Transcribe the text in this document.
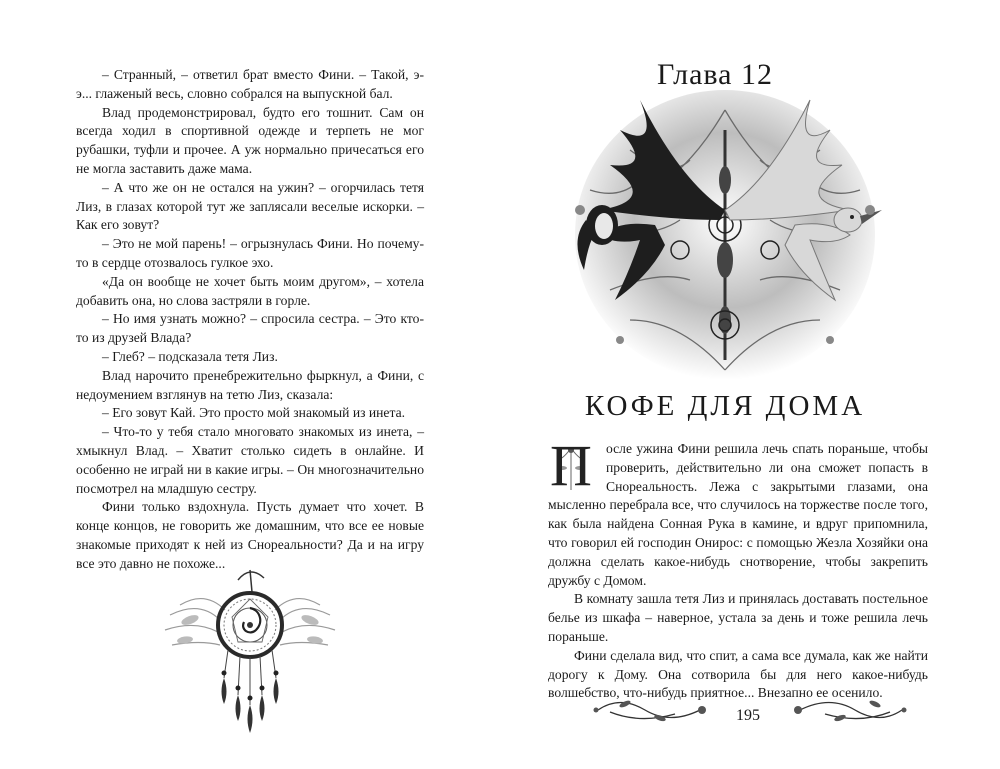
– Странный, – ответил брат вместо Фини. – Такой, э-э... глаженый весь, словно собрался на выпускной бал.

Влад продемонстрировал, будто его тошнит. Сам он всегда ходил в спортивной одежде и терпеть не мог рубашки, туфли и прочее. А уж нормально причесаться его не могла заставить даже мама.

– А что же он не остался на ужин? – огорчилась тетя Лиз, в глазах которой тут же заплясали веселые искорки. – Как его зовут?

– Это не мой парень! – огрызнулась Фини. Но почему-то в сердце отозвалось гулкое эхо.

«Да он вообще не хочет быть моим другом», – хотела добавить она, но слова застряли в горле.

– Но имя узнать можно? – спросила сестра. – Это кто-то из друзей Влада?

– Глеб? – подсказала тетя Лиз.

Влад нарочито пренебрежительно фыркнул, а Фини, с недоумением взглянув на тетю Лиз, сказала:

– Его зовут Кай. Это просто мой знакомый из инета.

– Что-то у тебя стало многовато знакомых из инета, – хмыкнул Влад. – Хватит столько сидеть в онлайне. И особенно не играй ни в какие игры. – Он многозначительно посмотрел на младшую сестру.

Фини только вздохнула. Пусть думает что хочет. В конце концов, не говорить же домашним, что все ее новые знакомые приходят к ней из Снореальности? Да и на игру все это давно не похоже...

Глава 12
КОФЕ ДЛЯ ДОМА

П	осле ужина Фини решила лечь спать пораньше, чтобы проверить, действительно ли она сможет попасть в Снореальность. Лежа с закрытыми глазами, она мысленно перебрала все, что случилось на торжестве после того, как была найдена Сонная Рука в камине, и вдруг припомнила, что говорил ей господин Онирос: с помощью Жезла Хозяйки она должна сделать какое-нибудь снотворение, чтобы закрепить дружбу с Домом.

В комнату зашла тетя Лиз и принялась доставать постельное белье из шкафа – наверное, устала за день и тоже решила лечь пораньше.

Фини сделала вид, что спит, а сама все думала, как же найти дорогу к Дому. Она сотворила бы для него какое-нибудь волшебство, что-нибудь приятное... Внезапно ее осенило.

195
